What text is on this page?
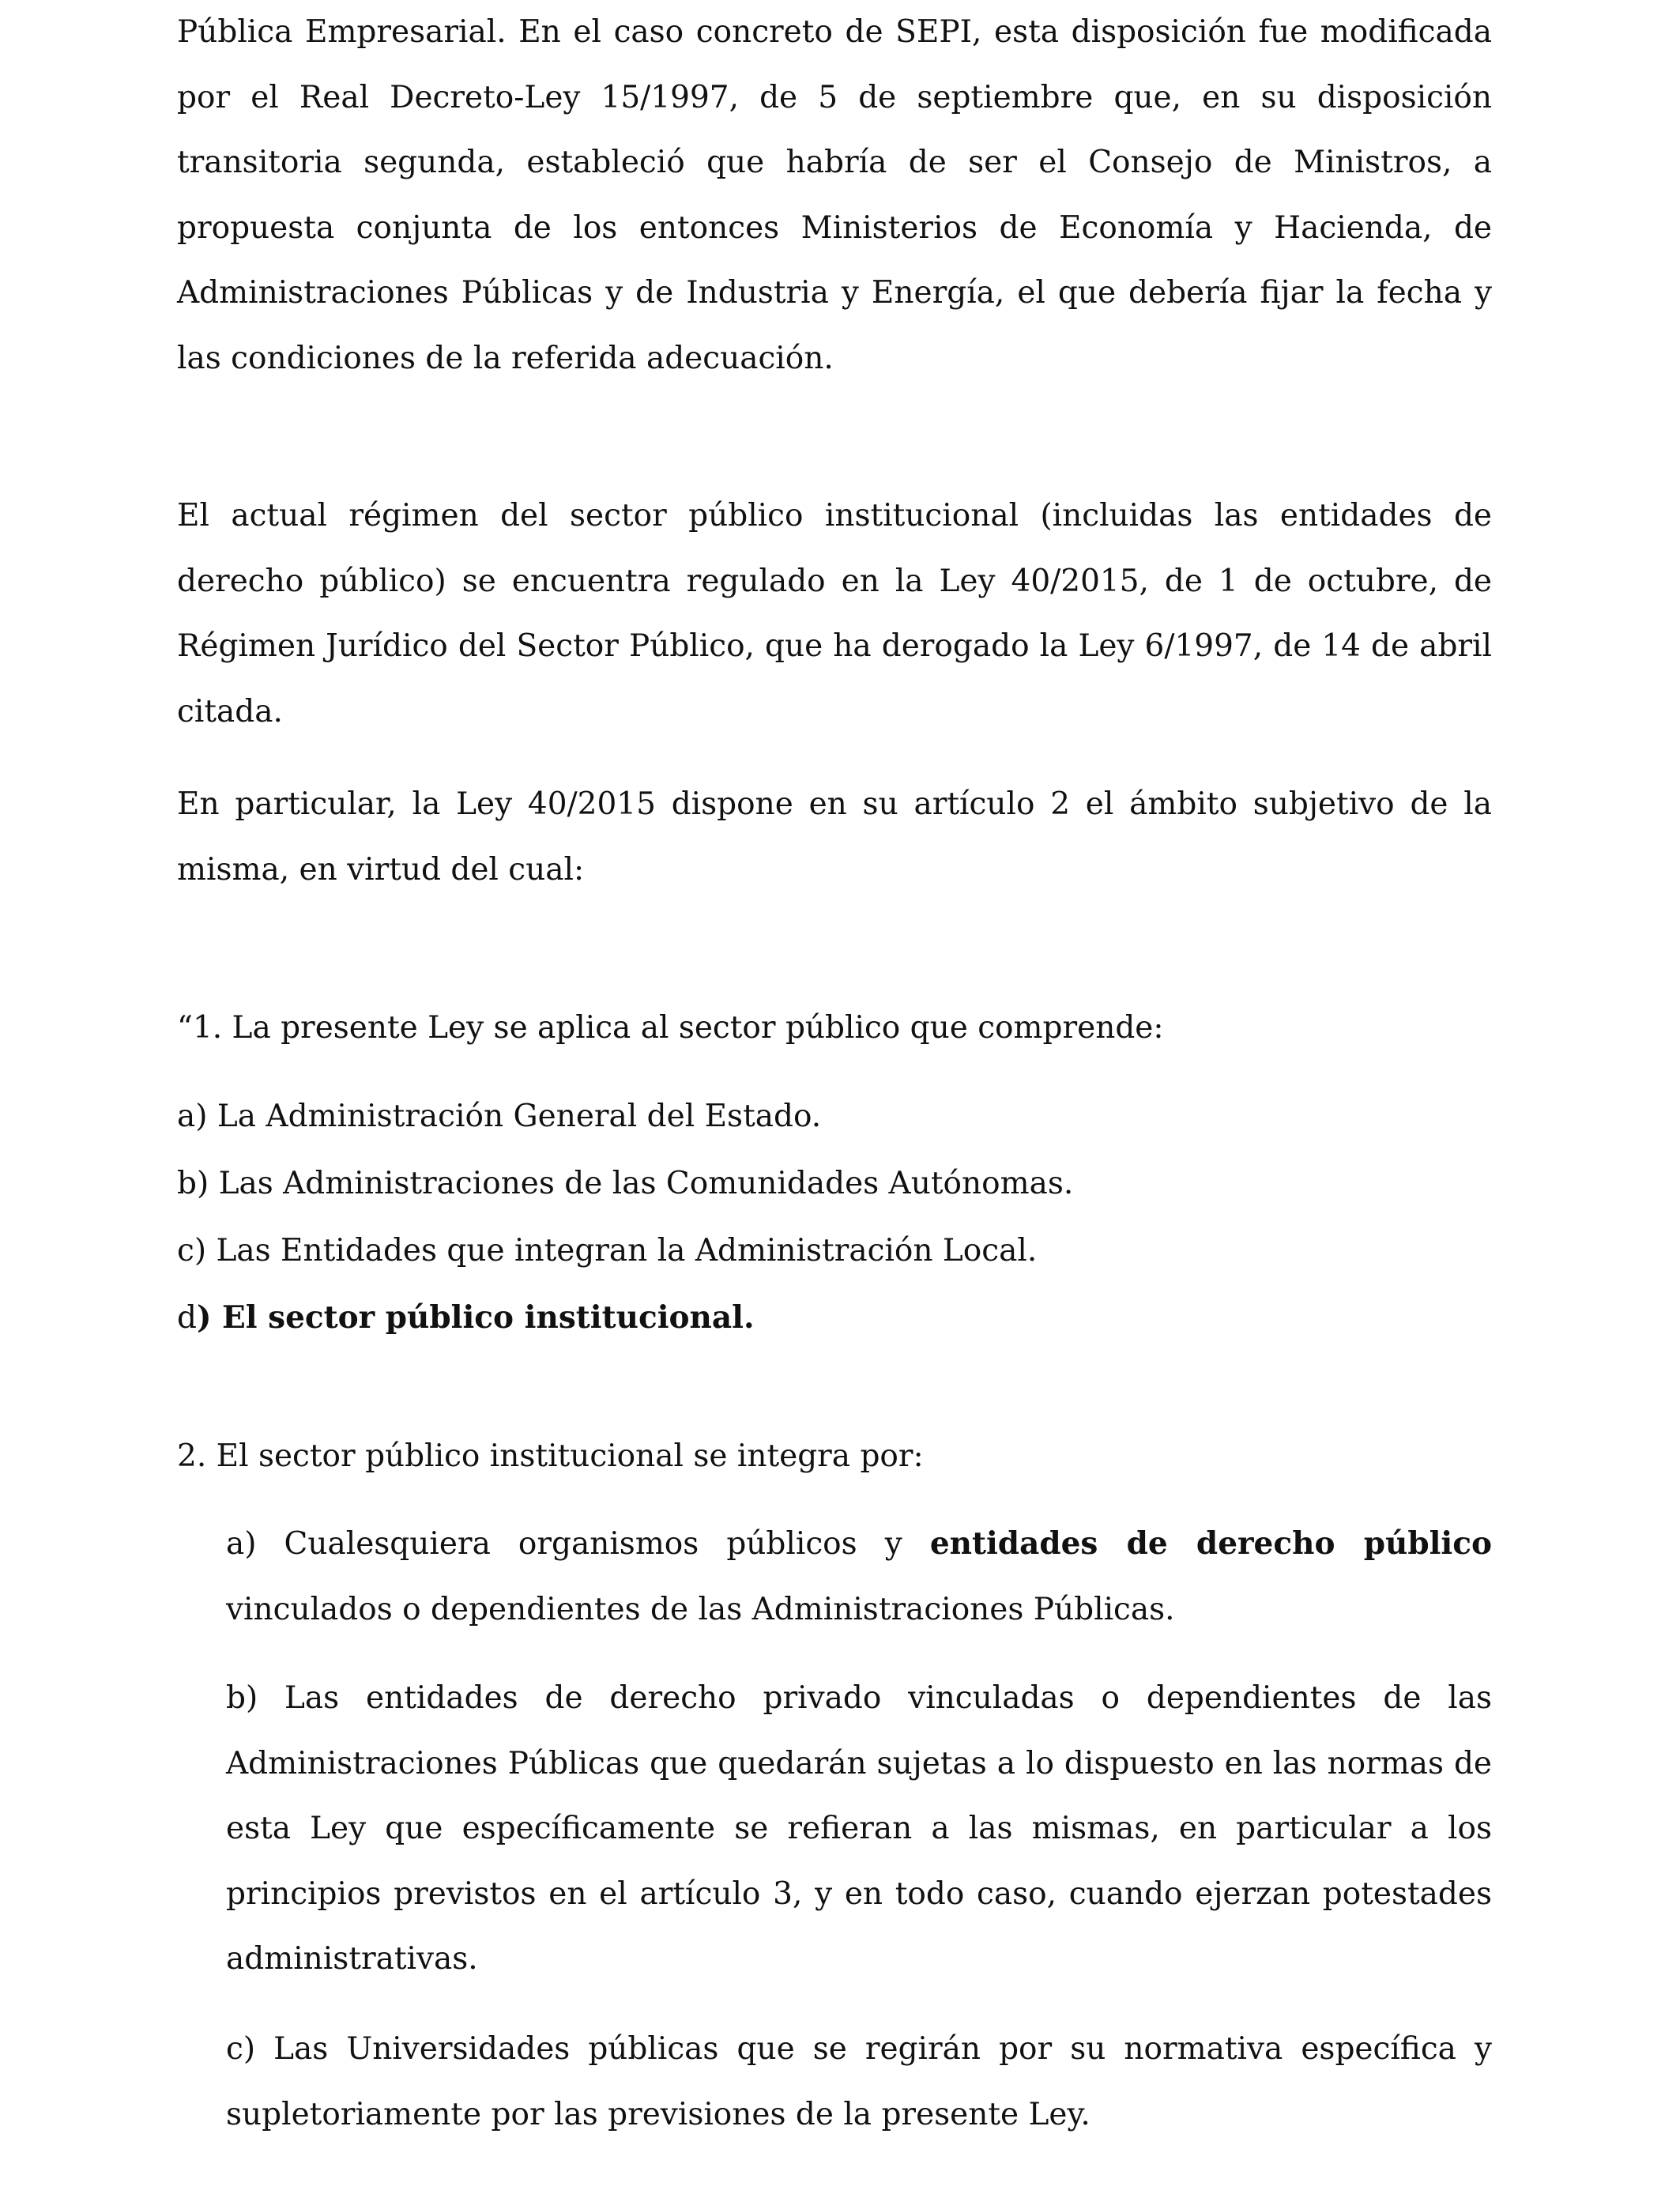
Pública Empresarial. En el caso concreto de SEPI, esta disposición fue modificada por el Real Decreto-Ley 15/1997, de 5 de septiembre que, en su disposición transitoria segunda, estableció que habría de ser el Consejo de Ministros, a propuesta conjunta de los entonces Ministerios de Economía y Hacienda, de Administraciones Públicas y de Industria y Energía, el que debería fijar la fecha y las condiciones de la referida adecuación.

El actual régimen del sector público institucional (incluidas las entidades de derecho público) se encuentra regulado en la Ley 40/2015, de 1 de octubre, de Régimen Jurídico del Sector Público, que ha derogado la Ley 6/1997, de 14 de abril citada.

En particular, la Ley 40/2015 dispone en su artículo 2 el ámbito subjetivo de la misma, en virtud del cual:

“1. La presente Ley se aplica al sector público que comprende:

a) La Administración General del Estado.

b) Las Administraciones de las Comunidades Autónomas.

c) Las Entidades que integran la Administración Local.

d) El sector público institucional.

2. El sector público institucional se integra por:

a) Cualesquiera organismos públicos y entidades de derecho público vinculados o dependientes de las Administraciones Públicas.

b) Las entidades de derecho privado vinculadas o dependientes de las Administraciones Públicas que quedarán sujetas a lo dispuesto en las normas de esta Ley que específicamente se refieran a las mismas, en particular a los principios previstos en el artículo 3, y en todo caso, cuando ejerzan potestades administrativas.

c) Las Universidades públicas que se regirán por su normativa específica y supletoriamente por las previsiones de la presente Ley.
